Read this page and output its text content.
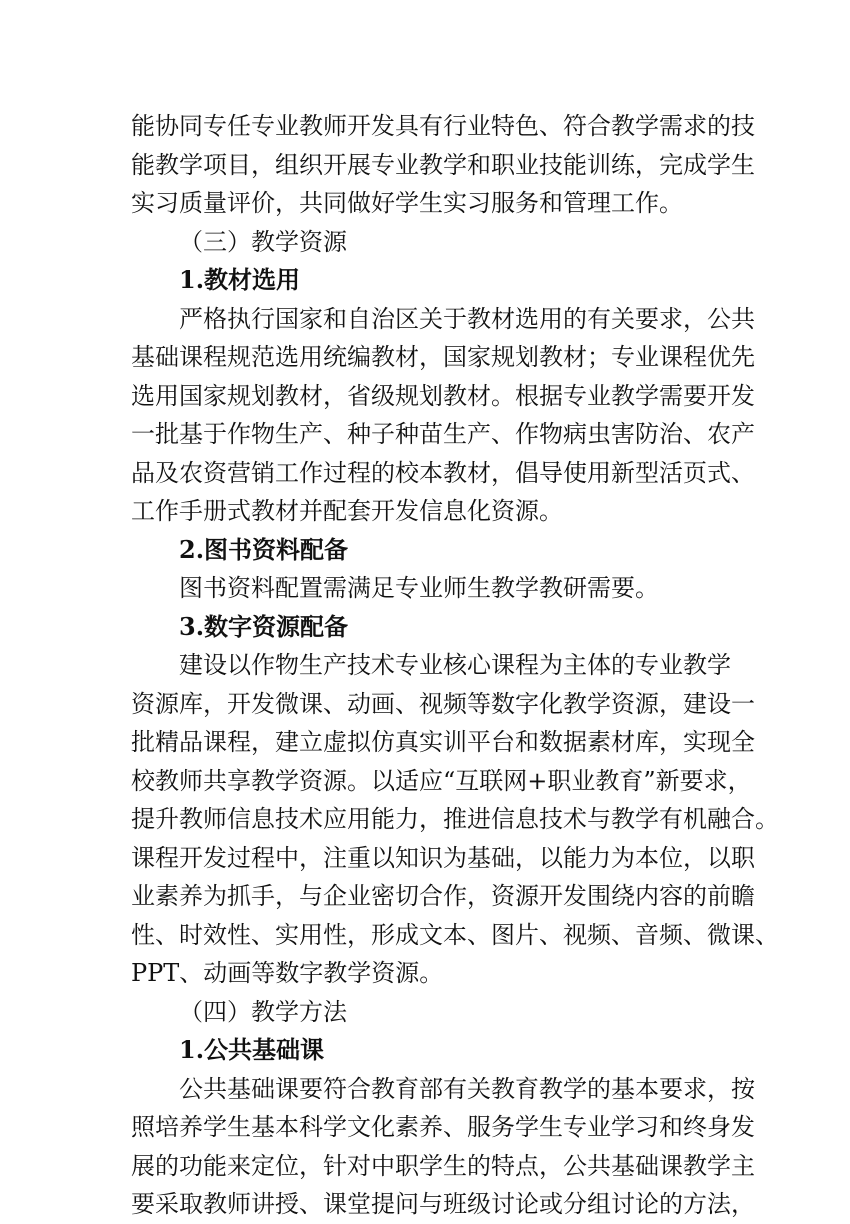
能协同专任专业教师开发具有行业特色、符合教学需求的技
能教学项目，组织开展专业教学和职业技能训练，完成学生
实习质量评价，共同做好学生实习服务和管理工作。
（三）教学资源
1.教材选用
严格执行国家和自治区关于教材选用的有关要求，公共
基础课程规范选用统编教材，国家规划教材；专业课程优先
选用国家规划教材，省级规划教材。根据专业教学需要开发
一批基于作物生产、种子种苗生产、作物病虫害防治、农产
品及农资营销工作过程的校本教材，倡导使用新型活页式、
工作手册式教材并配套开发信息化资源。
2.图书资料配备
图书资料配置需满足专业师生教学教研需要。
3.数字资源配备
建设以作物生产技术专业核心课程为主体的专业教学
资源库，开发微课、动画、视频等数字化教学资源，建设一
批精品课程，建立虚拟仿真实训平台和数据素材库，实现全
校教师共享教学资源。以适应“互联网+职业教育”新要求，
提升教师信息技术应用能力，推进信息技术与教学有机融合。
课程开发过程中，注重以知识为基础，以能力为本位，以职
业素养为抓手，与企业密切合作，资源开发围绕内容的前瞻
性、时效性、实用性，形成文本、图片、视频、音频、微课、
PPT、动画等数字教学资源。
（四）教学方法
1.公共基础课
公共基础课要符合教育部有关教育教学的基本要求，按
照培养学生基本科学文化素养、服务学生专业学习和终身发
展的功能来定位，针对中职学生的特点，公共基础课教学主
要采取教师讲授、课堂提问与班级讨论或分组讨论的方法，
